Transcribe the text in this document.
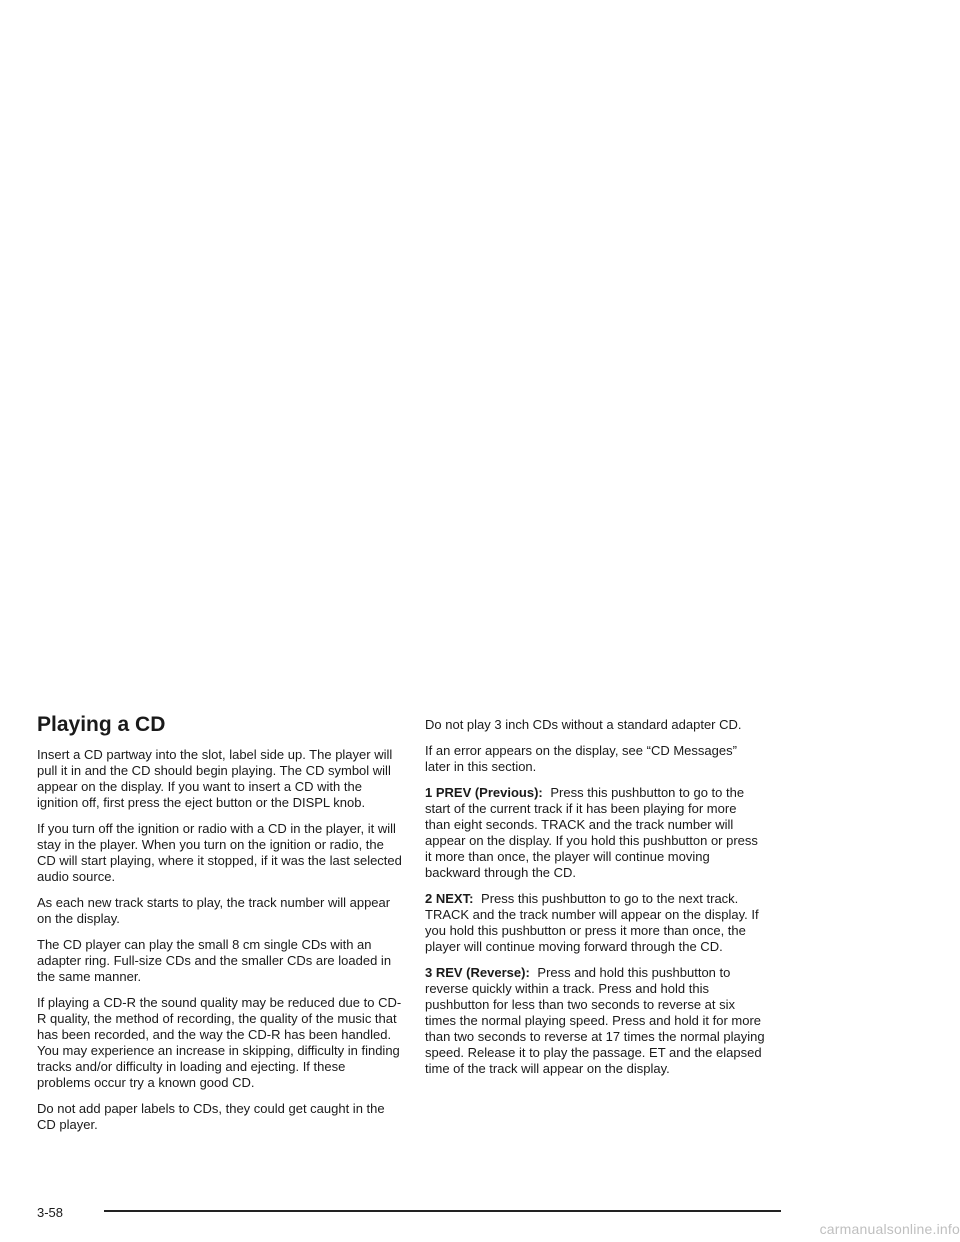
Playing a CD

Insert a CD partway into the slot, label side up. The player will pull it in and the CD should begin playing. The CD symbol will appear on the display. If you want to insert a CD with the ignition off, first press the eject button or the DISPL knob.

If you turn off the ignition or radio with a CD in the player, it will stay in the player. When you turn on the ignition or radio, the CD will start playing, where it stopped, if it was the last selected audio source.

As each new track starts to play, the track number will appear on the display.

The CD player can play the small 8 cm single CDs with an adapter ring. Full-size CDs and the smaller CDs are loaded in the same manner.

If playing a CD-R the sound quality may be reduced due to CD-R quality, the method of recording, the quality of the music that has been recorded, and the way the CD-R has been handled. You may experience an increase in skipping, difficulty in finding tracks and/or difficulty in loading and ejecting. If these problems occur try a known good CD.

Do not add paper labels to CDs, they could get caught in the CD player.

Do not play 3 inch CDs without a standard adapter CD.

If an error appears on the display, see “CD Messages” later in this section.

1 PREV (Previous): Press this pushbutton to go to the start of the current track if it has been playing for more than eight seconds. TRACK and the track number will appear on the display. If you hold this pushbutton or press it more than once, the player will continue moving backward through the CD.

2 NEXT: Press this pushbutton to go to the next track. TRACK and the track number will appear on the display. If you hold this pushbutton or press it more than once, the player will continue moving forward through the CD.

3 REV (Reverse): Press and hold this pushbutton to reverse quickly within a track. Press and hold this pushbutton for less than two seconds to reverse at six times the normal playing speed. Press and hold it for more than two seconds to reverse at 17 times the normal playing speed. Release it to play the passage. ET and the elapsed time of the track will appear on the display.

3-58
carmanualsonline.info
